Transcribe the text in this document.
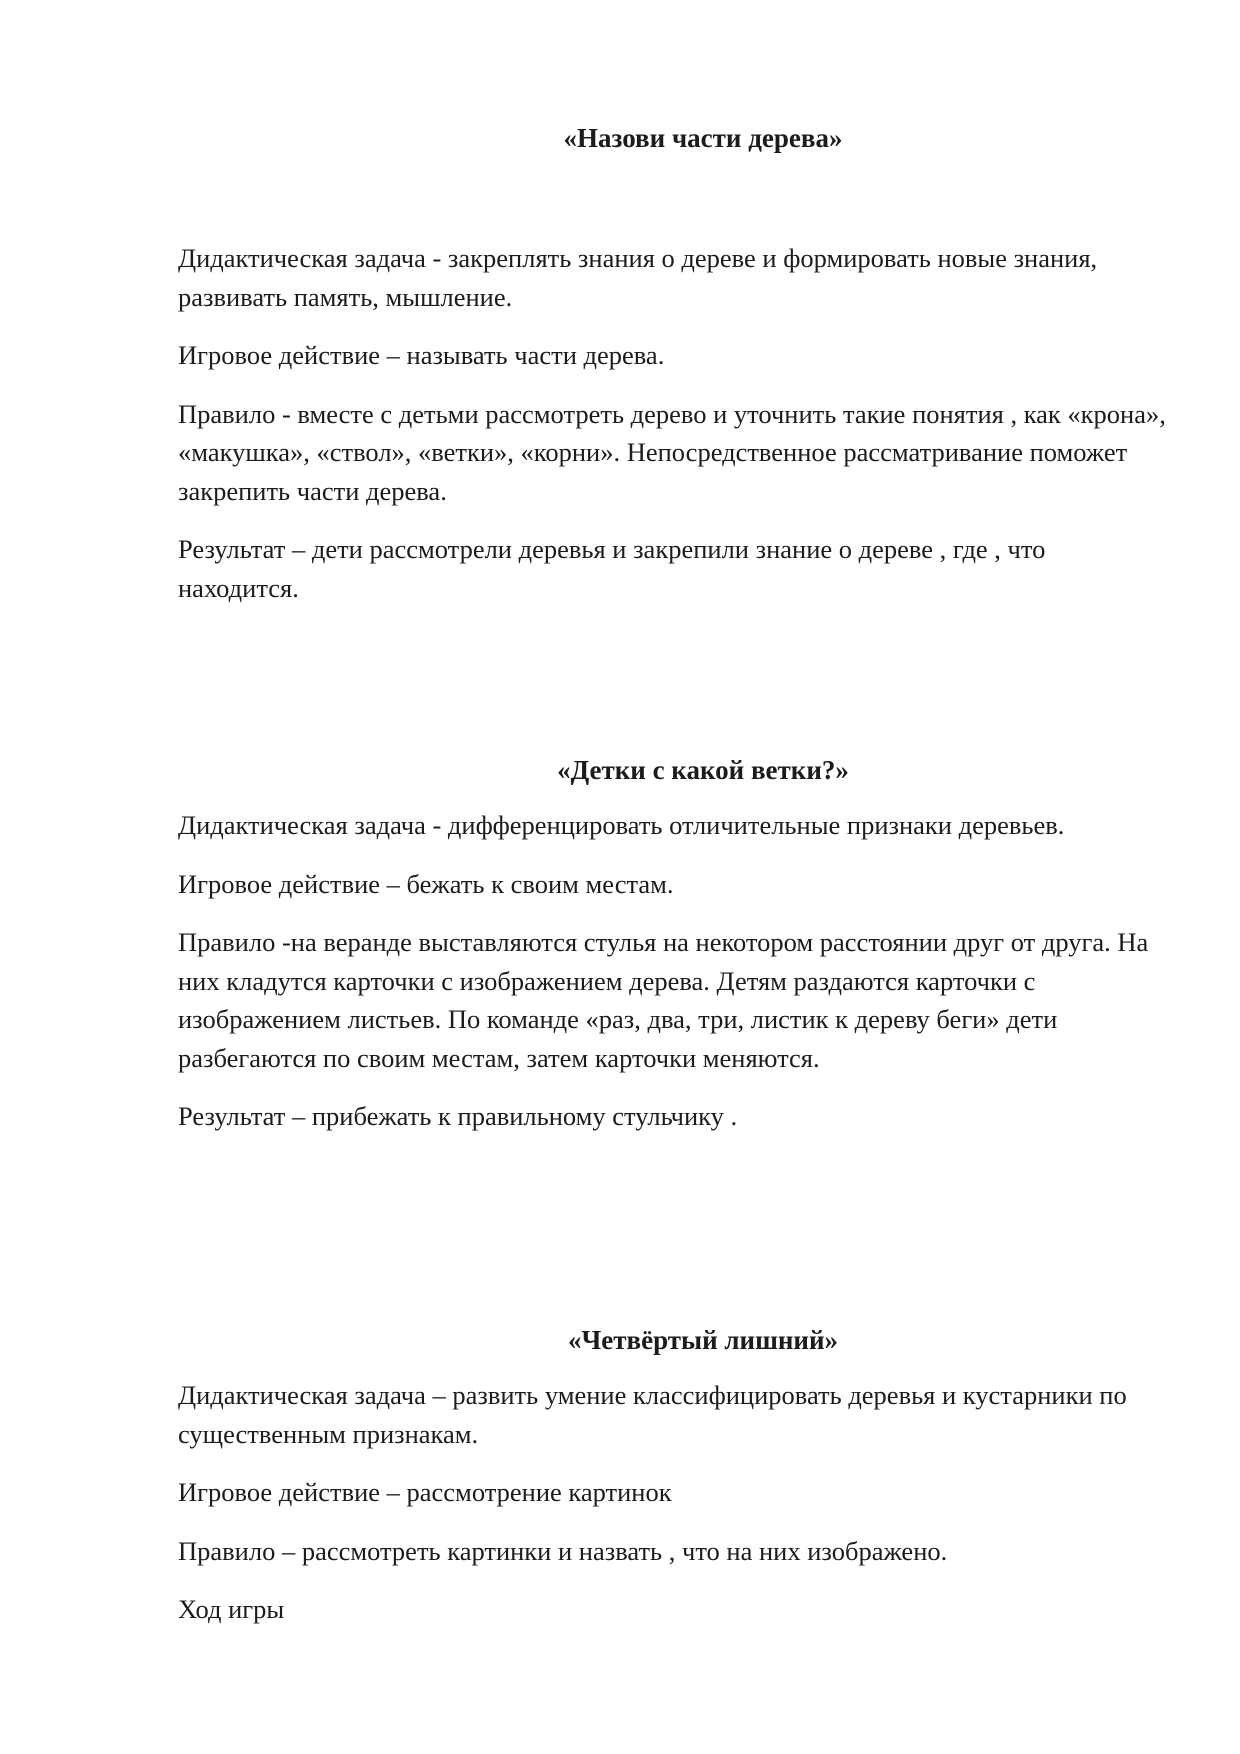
«Назови части дерева»

Дидактическая задача - закреплять знания о дереве и формировать новые знания, развивать память, мышление.

Игровое действие – называть части дерева.

Правило - вместе с детьми рассмотреть дерево и уточнить такие понятия , как «крона», «макушка», «ствол», «ветки», «корни». Непосредственное рассматривание поможет закрепить части дерева.

Результат – дети рассмотрели деревья и закрепили знание о дереве , где , что находится.

«Детки с какой ветки?»

Дидактическая задача - дифференцировать отличительные признаки деревьев.

Игровое действие – бежать к своим местам.

Правило -на веранде выставляются стулья на некотором расстоянии друг от друга. На них кладутся карточки с изображением дерева. Детям раздаются карточки с изображением листьев. По команде «раз, два, три, листик к дереву беги» дети разбегаются по своим местам, затем карточки меняются.

Результат – прибежать к правильному стульчику .

«Четвёртый лишний»

Дидактическая задача – развить умение классифицировать деревья и кустарники по существенным признакам.

Игровое действие – рассмотрение картинок

Правило – рассмотреть картинки и назвать , что на них изображено.

Ход игры
